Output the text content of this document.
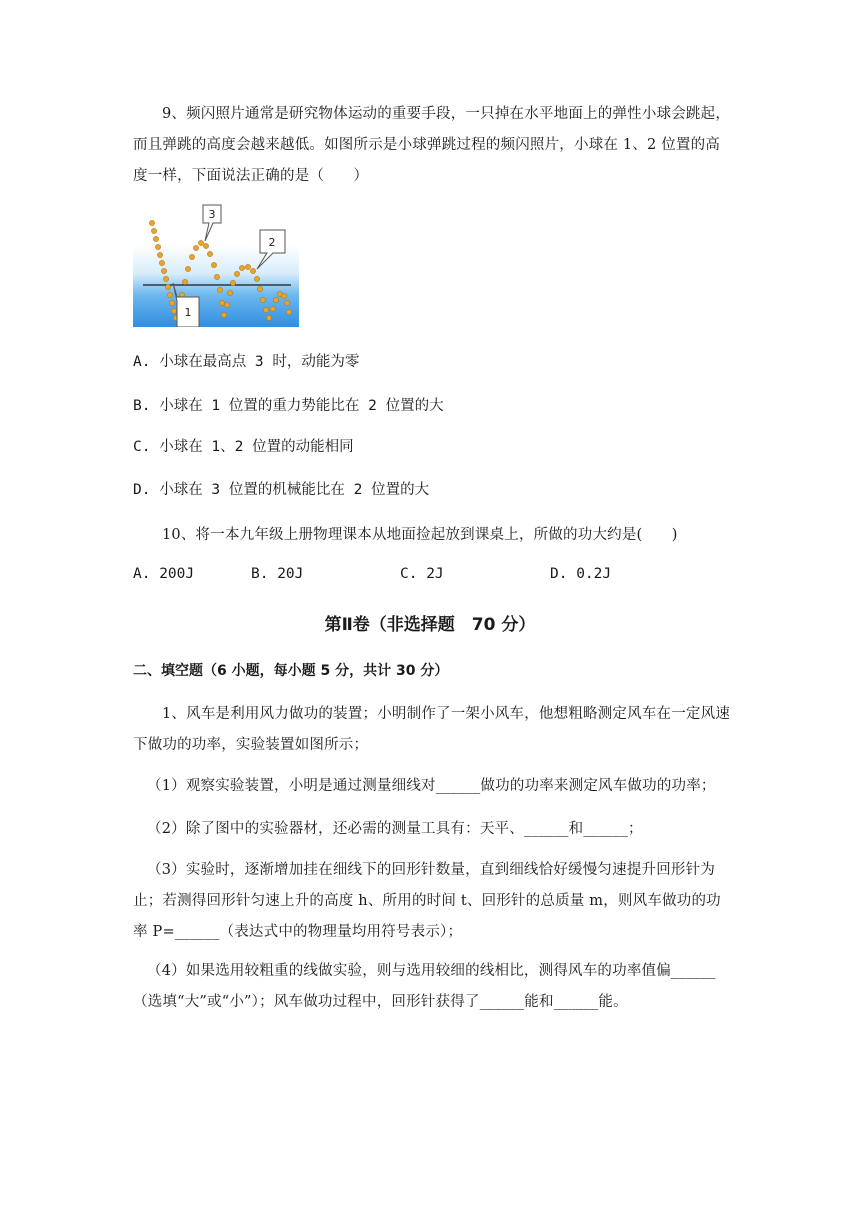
9、频闪照片通常是研究物体运动的重要手段，一只掉在水平地面上的弹性小球会跳起，而且弹跳的高度会越来越低。如图所示是小球弹跳过程的频闪照片，小球在 1、2 位置的高度一样，下面说法正确的是（　　）
3
2
1
A. 小球在最高点 3 时，动能为零
B. 小球在 1 位置的重力势能比在 2 位置的大
C. 小球在 1、2 位置的动能相同
D. 小球在 3 位置的机械能比在 2 位置的大
10、将一本九年级上册物理课本从地面捡起放到课桌上，所做的功大约是(　　)
A. 200J	B. 20J	C. 2J	D. 0.2J
第Ⅱ卷（非选择题　70 分）
二、填空题（6 小题，每小题 5 分，共计 30 分）
1、风车是利用风力做功的装置；小明制作了一架小风车，他想粗略测定风车在一定风速下做功的功率，实验装置如图所示；
（1）观察实验装置，小明是通过测量细线对______做功的功率来测定风车做功的功率；
（2）除了图中的实验器材，还必需的测量工具有：天平、______和______；
（3）实验时，逐渐增加挂在细线下的回形针数量，直到细线恰好缓慢匀速提升回形针为止；若测得回形针匀速上升的高度 h、所用的时间 t、回形针的总质量 m，则风车做功的功率 P=______（表达式中的物理量均用符号表示）；
（4）如果选用较粗重的线做实验，则与选用较细的线相比，测得风车的功率值偏______（选填“大”或“小”）；风车做功过程中，回形针获得了______能和______能。
